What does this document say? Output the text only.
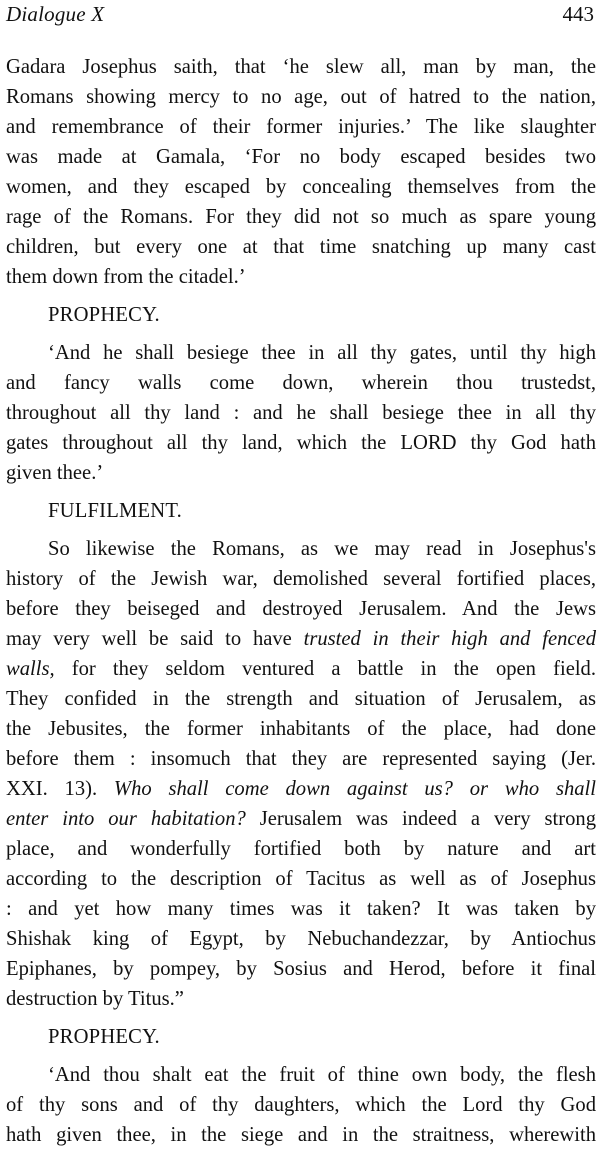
Dialogue X	443
Gadara Josephus saith, that ‘he slew all, man by man, the
Romans showing mercy to no age, out of hatred to the nation,
and remembrance of their former injuries.’ The like slaughter
was made at Gamala, ‘For no body escaped besides two
women, and they escaped by concealing themselves from the
rage of the Romans. For they did not so much as spare young
children, but every one at that time snatching up many cast
them down from the citadel.’
PROPHECY.
‘And he shall besiege thee in all thy gates, until thy high
and fancy walls come down, wherein thou trustedst,
throughout all thy land : and he shall besiege thee in all thy
gates throughout all thy land, which the LORD thy God hath
given thee.’
FULFILMENT.
So likewise the Romans, as we may read in Josephus's
history of the Jewish war, demolished several fortified places,
before they beiseged and destroyed Jerusalem. And the Jews
may very well be said to have trusted in their high and fenced
walls, for they seldom ventured a battle in the open field.
They confided in the strength and situation of Jerusalem, as
the Jebusites, the former inhabitants of the place, had done
before them : insomuch that they are represented saying (Jer.
XXI. 13). Who shall come down against us? or who shall
enter into our habitation? Jerusalem was indeed a very strong
place, and wonderfully fortified both by nature and art
according to the description of Tacitus as well as of Josephus
: and yet how many times was it taken? It was taken by
Shishak king of Egypt, by Nebuchandezzar, by Antiochus
Epiphanes, by pompey, by Sosius and Herod, before it final
destruction by Titus.”
PROPHECY.
‘And thou shalt eat the fruit of thine own body, the flesh
of thy sons and of thy daughters, which the Lord thy God
hath given thee, in the siege and in the straitness, wherewith
